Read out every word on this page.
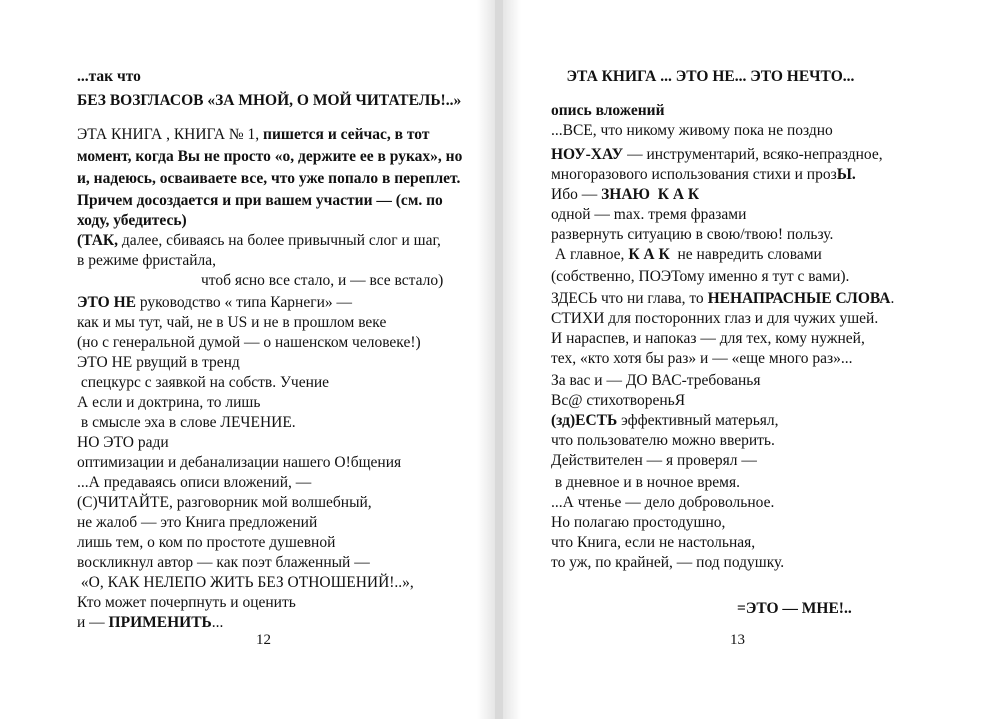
...так что
БЕЗ ВОЗГЛАСОВ «ЗА МНОЙ, О МОЙ ЧИТАТЕЛЬ!..»
ЭТА КНИГА , КНИГА № 1, пишется и сейчас, в тот
момент, когда Вы не просто «о, держите ее в руках», но
и, надеюсь, осваиваете все, что уже попало в переплет.
Причем досоздается и при вашем участии — (см. по
ходу, убедитесь)
(ТАК, далее, сбиваясь на более привычный слог и шаг,
в режиме фристайла,
чтоб ясно все стало, и — все встало)
ЭТО НЕ руководство « типа Карнеги» —
как и мы тут, чай, не в US и не в прошлом веке
(но с генеральной думой — о нашенском человеке!)
ЭТО НЕ рвущий в тренд
спецкурс с заявкой на собств. Учение
А если и доктрина, то лишь
в смысле эха в слове ЛЕЧЕНИЕ.
НО ЭТО ради
оптимизации и дебанализации нашего О!бщения
...А предаваясь описи вложений, —
(С)ЧИТАЙТЕ, разговорник мой волшебный,
не жалоб — это Книга предложений
лишь тем, о ком по простоте душевной
воскликнул автор — как поэт блаженный —
«О, КАК НЕЛЕПО ЖИТЬ БЕЗ ОТНОШЕНИЙ!..»,
Кто может почерпнуть и оценить
и — ПРИМЕНИТЬ...
12
ЭТА КНИГА ... ЭТО НЕ... ЭТО НЕЧТО...
опись вложений
...ВСЕ, что никому живому пока не поздно
НОУ-ХАУ — инструментарий, всяко-непраздное,
многоразового использования стихи и прозЫ.
Ибо — ЗНАЮ  К А К
одной — max. тремя фразами
развернуть ситуацию в свою/твою! пользу.
А главное, К А К  не навредить словами
(собственно, ПОЭТому именно я тут с вами).
ЗДЕСЬ что ни глава, то НЕНАПРАСНЫЕ СЛОВА.
СТИХИ для посторонних глаз и для чужих ушей.
И нараспев, и напоказ — для тех, кому нужней,
тех, «кто хотя бы раз» и — «еще много раз»...
За вас и — ДО ВАС-требованья
Вс@ стихотвореньЯ
(зд)ЕСТЬ эффективный матерьял,
что пользователю можно вверить.
Действителен — я проверял —
в дневное и в ночное время.
...А чтенье — дело добровольное.
Но полагаю простодушно,
что Книга, если не настольная,
то уж, по крайней, — под подушку.
=ЭТО — МНЕ!..
13
